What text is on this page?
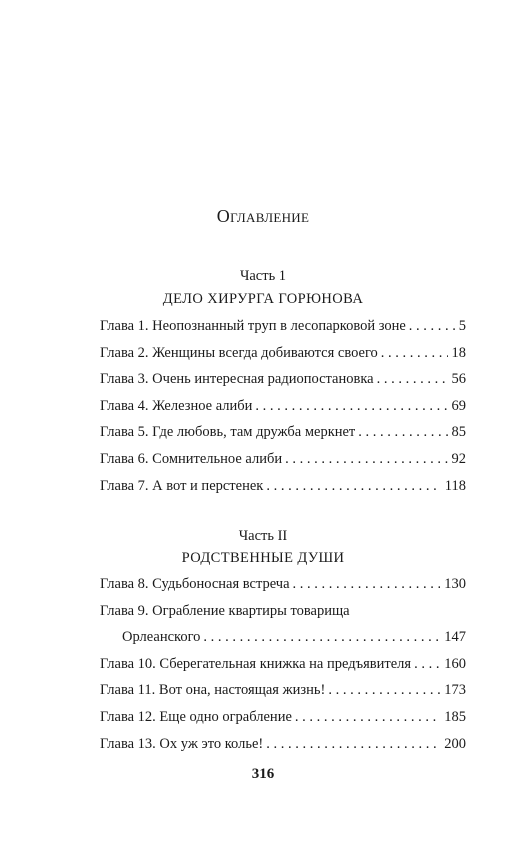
Оглавление
Часть 1
ДЕЛО ХИРУРГА ГОРЮНОВА
Глава 1. Неопознанный труп в лесопарковой зоне . . .	5
Глава 2. Женщины всегда добиваются своего . . .	18
Глава 3. Очень интересная радиопостановка . . .	56
Глава 4. Железное алиби . . .	69
Глава 5. Где любовь, там дружба меркнет . . .	85
Глава 6. Сомнительное алиби . . .	92
Глава 7. А вот и перстенек . . .	118
Часть II
РОДСТВЕННЫЕ ДУШИ
Глава 8. Судьбоносная встреча . . .	130
Глава 9. Ограбление квартиры товарища
Орлеанского . . .	147
Глава 10. Сберегательная книжка на предъявителя . . . 160
Глава 11. Вот она, настоящая жизнь! . . .	173
Глава 12. Еще одно ограбление . . .	185
Глава 13. Ох уж это колье! . . .	200
316
